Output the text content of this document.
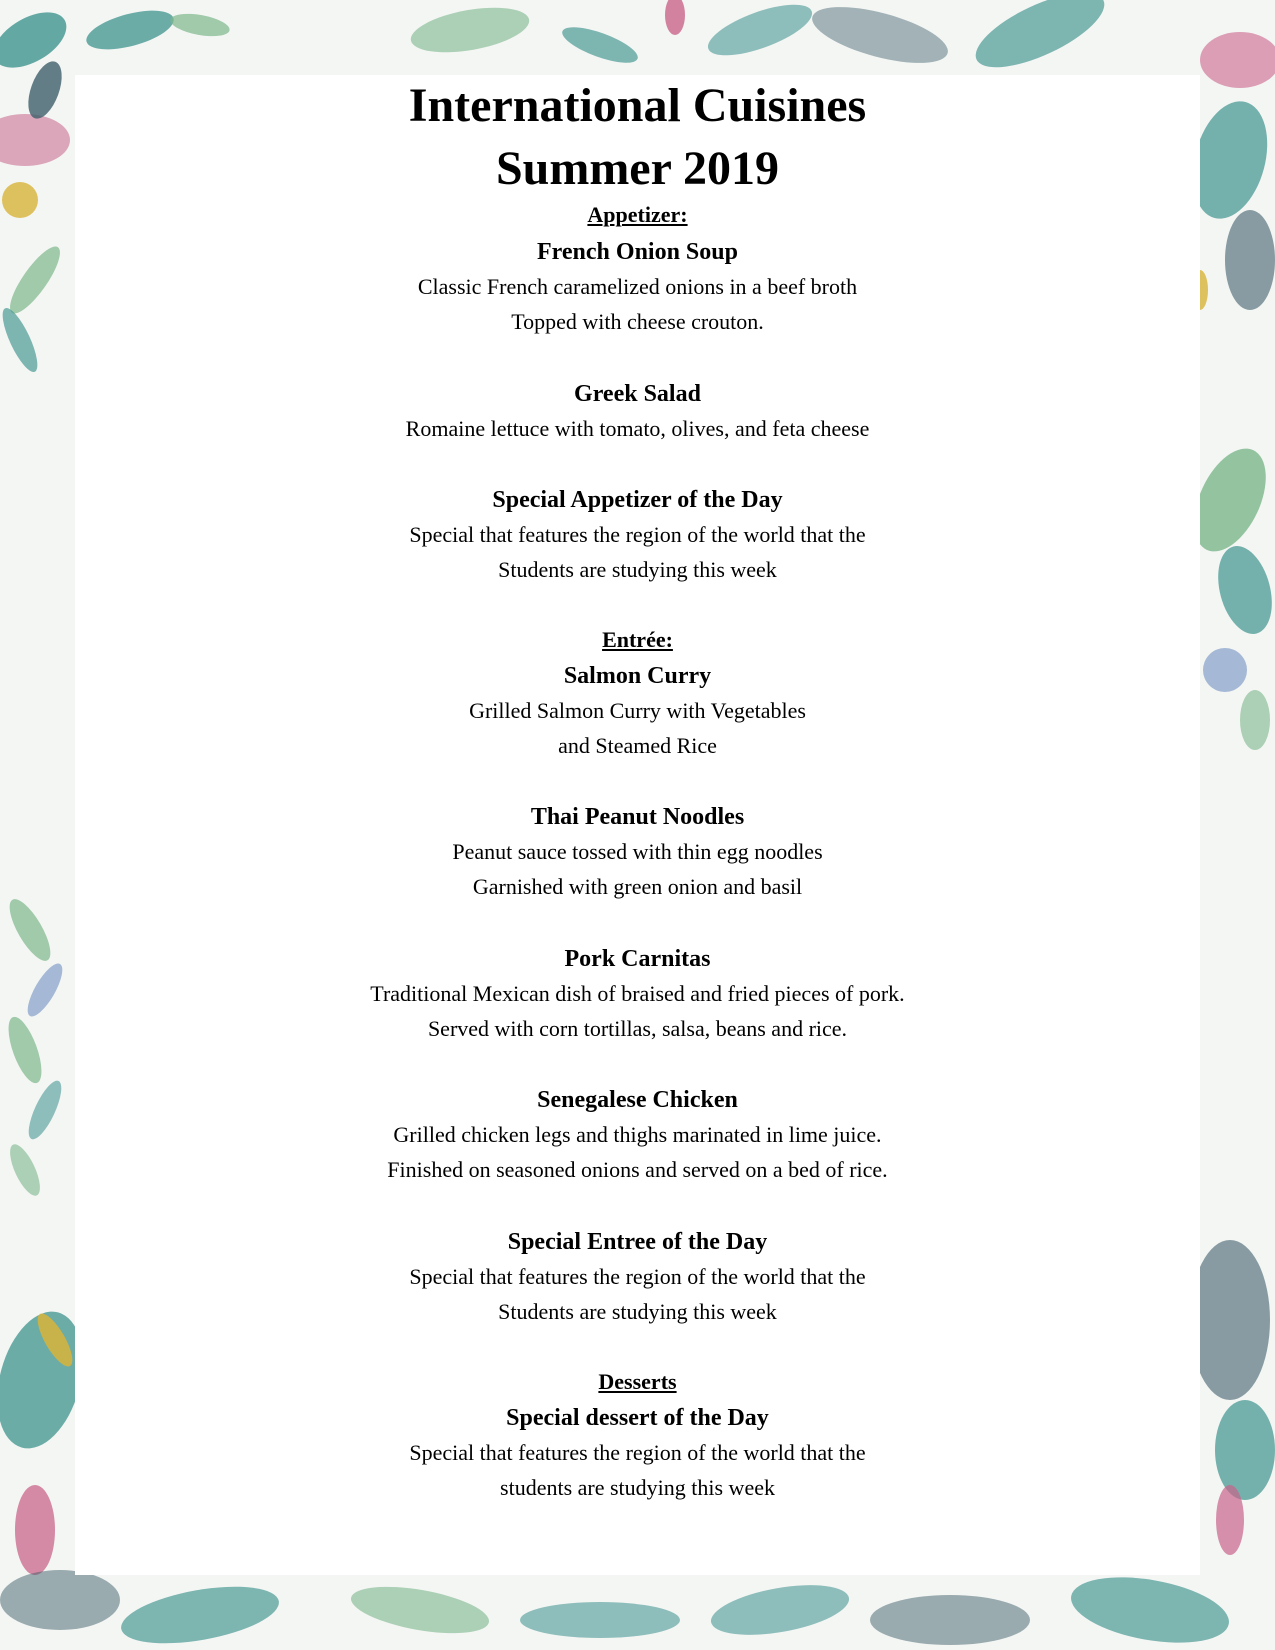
International Cuisines
Summer 2019
Appetizer:
French Onion Soup
Classic French caramelized onions in a beef broth
Topped with cheese crouton.
Greek Salad
Romaine lettuce with tomato, olives, and feta cheese
Special Appetizer of the Day
Special that features the region of the world that the
Students are studying this week
Entrée:
Salmon Curry
Grilled Salmon Curry with Vegetables
and Steamed Rice
Thai Peanut Noodles
Peanut sauce tossed with thin egg noodles
Garnished with green onion and basil
Pork Carnitas
Traditional Mexican dish of braised and fried pieces of pork.
Served with corn tortillas, salsa, beans and rice.
Senegalese Chicken
Grilled chicken legs and thighs marinated in lime juice.
Finished on seasoned onions and served on a bed of rice.
Special Entree of the Day
Special that features the region of the world that the
Students are studying this week
Desserts
Special dessert of the Day
Special that features the region of the world that the
students are studying this week
